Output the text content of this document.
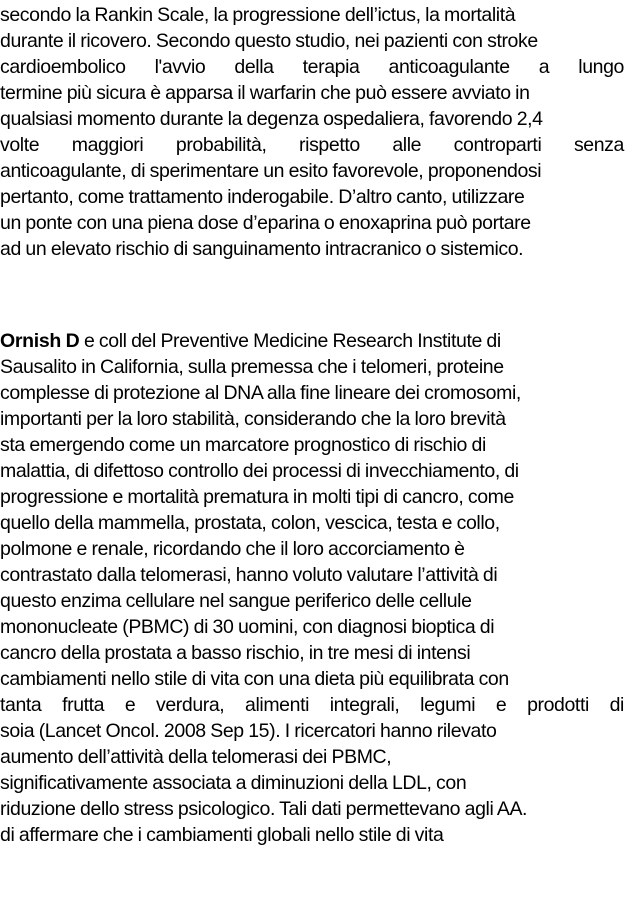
secondo la Rankin Scale, la progressione dell’ictus, la mortalità
durante il ricovero. Secondo questo studio, nei pazienti con stroke
cardioembolico l'avvio della terapia anticoagulante a lungo
termine più sicura è apparsa il warfarin che può essere avviato in
qualsiasi momento durante la degenza ospedaliera, favorendo 2,4
volte maggiori probabilità, rispetto alle controparti senza
anticoagulante, di sperimentare un esito favorevole, proponendosi
pertanto, come trattamento inderogabile. D’altro canto, utilizzare
un ponte con una piena dose d’eparina o enoxaprina può portare
ad un elevato rischio di sanguinamento intracranico o sistemico.
Ornish D e coll del Preventive Medicine Research Institute di
Sausalito in California, sulla premessa che i telomeri, proteine
complesse di protezione al DNA alla fine lineare dei cromosomi,
importanti per la loro stabilità, considerando che la loro brevità
sta emergendo come un marcatore prognostico di rischio di
malattia, di difettoso controllo dei processi di invecchiamento, di
progressione e mortalità prematura in molti tipi di cancro, come
quello della mammella, prostata, colon, vescica, testa e collo,
polmone e renale, ricordando che il loro accorciamento è
contrastato dalla telomerasi, hanno voluto valutare l’attività di
questo enzima cellulare nel sangue periferico delle cellule
mononucleate (PBMC) di 30 uomini, con diagnosi bioptica di
cancro della prostata a basso rischio, in tre mesi di intensi
cambiamenti nello stile di vita con una dieta più equilibrata con
tanta frutta e verdura, alimenti integrali, legumi e prodotti di
soia (Lancet Oncol. 2008 Sep 15). I ricercatori hanno rilevato
aumento dell’attività della telomerasi dei PBMC,
significativamente associata a diminuzioni della LDL, con
riduzione dello stress psicologico. Tali dati permettevano agli AA.
di affermare che i cambiamenti globali nello stile di vita
